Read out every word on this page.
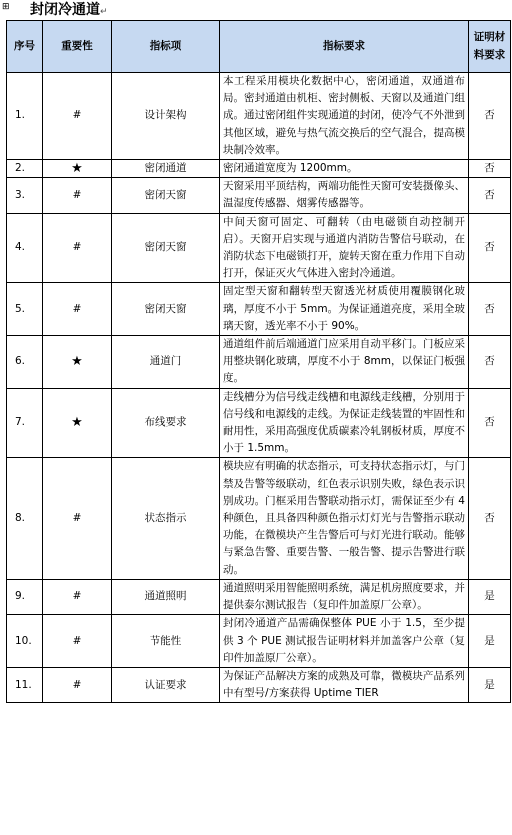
⊞ 封闭冷通道↵
序号	重要性	指标项	指标要求	证明材料要求
1.	#	设计架构	本工程采用模块化数据中心，密闭通道，双通道布局。密封通道由机柜、密封侧板、天窗以及通道门组成。通过密闭组件实现通道的封闭，使冷气不外泄到其他区域，避免与热气流交换后的空气混合，提高模块制冷效率。	否
2.	★	密闭通道	密闭通道宽度为 1200mm。	否
3.	#	密闭天窗	天窗采用平顶结构，两端功能性天窗可安装摄像头、温湿度传感器、烟雾传感器等。	否
4.	#	密闭天窗	中间天窗可固定、可翻转（由电磁锁自动控制开启）。天窗开启实现与通道内消防告警信号联动，在消防状态下电磁锁打开，旋转天窗在重力作用下自动打开，保证灭火气体进入密封冷通道。	否
5.	#	密闭天窗	固定型天窗和翻转型天窗透光材质使用覆膜钢化玻璃，厚度不小于 5mm。为保证通道亮度，采用全玻璃天窗，透光率不小于 90%。	否
6.	★	通道门	通道组件前后端通道门应采用自动平移门。门板应采用整块钢化玻璃，厚度不小于 8mm，以保证门板强度。	否
7.	★	布线要求	走线槽分为信号线走线槽和电源线走线槽，分别用于信号线和电源线的走线。为保证走线装置的牢固性和耐用性，采用高强度优质碳素冷轧钢板材质，厚度不小于 1.5mm。	否
8.	#	状态指示	模块应有明确的状态指示，可支持状态指示灯，与门禁及告警等级联动，红色表示识别失败，绿色表示识别成功。门框采用告警联动指示灯，需保证至少有 4 种颜色，且具备四种颜色指示灯灯光与告警指示联动功能，在微模块产生告警后可与灯光进行联动。能够与紧急告警、重要告警、一般告警、提示告警进行联动。	否
9.	#	通道照明	通道照明采用智能照明系统，满足机房照度要求，并提供泰尔测试报告（复印件加盖原厂公章）。	是
10.	#	节能性	封闭冷通道产品需确保整体 PUE 小于 1.5，至少提供 3 个 PUE 测试报告证明材料并加盖客户公章（复印件加盖原厂公章）。	是
11.	#	认证要求	为保证产品解决方案的成熟及可靠，微模块产品系列中有型号/方案获得 Uptime TIER	是
